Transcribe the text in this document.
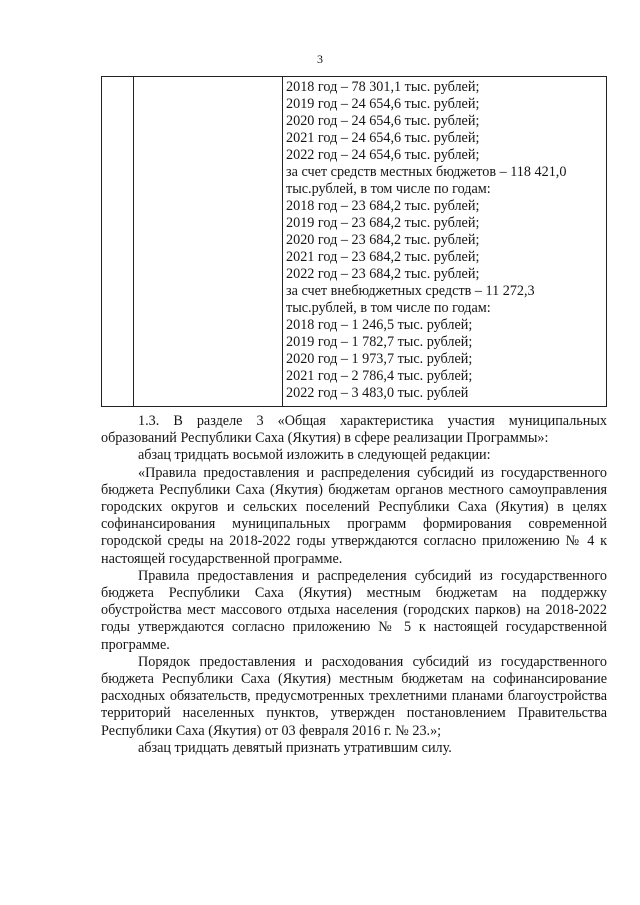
3
2018 год – 78 301,1 тыс. рублей;
2019 год – 24 654,6 тыс. рублей;
2020 год – 24 654,6 тыс. рублей;
2021 год – 24 654,6 тыс. рублей;
2022 год – 24 654,6 тыс. рублей;
за счет средств местных бюджетов – 118 421,0
тыс.рублей, в том числе по годам:
2018 год – 23 684,2 тыс. рублей;
2019 год – 23 684,2 тыс. рублей;
2020 год – 23 684,2 тыс. рублей;
2021 год – 23 684,2 тыс. рублей;
2022 год – 23 684,2 тыс. рублей;
за счет внебюджетных средств – 11 272,3
тыс.рублей, в том числе по годам:
2018 год – 1 246,5 тыс. рублей;
2019 год – 1 782,7 тыс. рублей;
2020 год – 1 973,7 тыс. рублей;
2021 год – 2 786,4 тыс. рублей;
2022 год – 3 483,0 тыс. рублей

1.3. В разделе 3 «Общая характеристика участия муниципальных образований Республики Саха (Якутия) в сфере реализации Программы»:

абзац тридцать восьмой изложить в следующей редакции:

«Правила предоставления и распределения субсидий из государственного бюджета Республики Саха (Якутия) бюджетам органов местного самоуправления городских округов и сельских поселений Республики Саха (Якутия) в целях софинансирования муниципальных программ формирования современной городской среды на 2018-2022 годы утверждаются согласно приложению № 4 к настоящей государственной программе.

Правила предоставления и распределения субсидий из государственного бюджета Республики Саха (Якутия) местным бюджетам на поддержку обустройства мест массового отдыха населения (городских парков) на 2018-2022 годы утверждаются согласно приложению № 5 к настоящей государственной программе.

Порядок предоставления и расходования субсидий из государственного бюджета Республики Саха (Якутия) местным бюджетам на софинансирование расходных обязательств, предусмотренных трехлетними планами благоустройства территорий населенных пунктов, утвержден постановлением Правительства Республики Саха (Якутия) от 03 февраля 2016 г. № 23.»;

абзац тридцать девятый признать утратившим силу.
